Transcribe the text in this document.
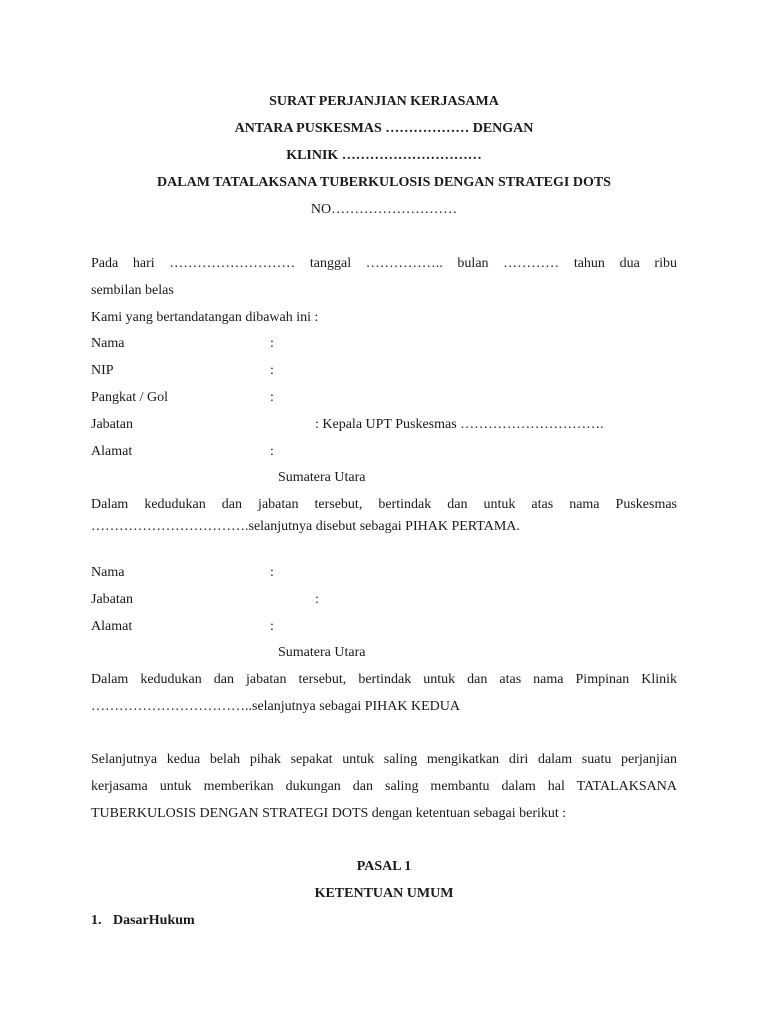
SURAT PERJANJIAN KERJASAMA
ANTARA PUSKESMAS ……………… DENGAN
KLINIK …………………………
DALAM TATALAKSANA TUBERKULOSIS DENGAN STRATEGI DOTS
NO………………………
Pada hari ……………………… tanggal …………….. bulan ………… tahun dua ribu
sembilan belas
Kami yang bertandatangan dibawah ini :
Nama	:
NIP	:
Pangkat / Gol	:
Jabatan	: Kepala UPT Puskesmas ………………………….
Alamat	:
Sumatera Utara
Dalam kedudukan dan jabatan tersebut, bertindak dan untuk atas nama Puskesmas
…………………………….selanjutnya disebut sebagai PIHAK PERTAMA.
Nama	:
Jabatan	:
Alamat	:
Sumatera Utara
Dalam kedudukan dan jabatan tersebut, bertindak untuk dan atas nama Pimpinan Klinik
……………………………..selanjutnya sebagai PIHAK KEDUA
Selanjutnya kedua belah pihak sepakat untuk saling mengikatkan diri dalam suatu perjanjian
kerjasama untuk memberikan dukungan dan saling membantu dalam hal TATALAKSANA
TUBERKULOSIS DENGAN STRATEGI DOTS dengan ketentuan sebagai berikut :
PASAL 1
KETENTUAN UMUM
1. DasarHukum
